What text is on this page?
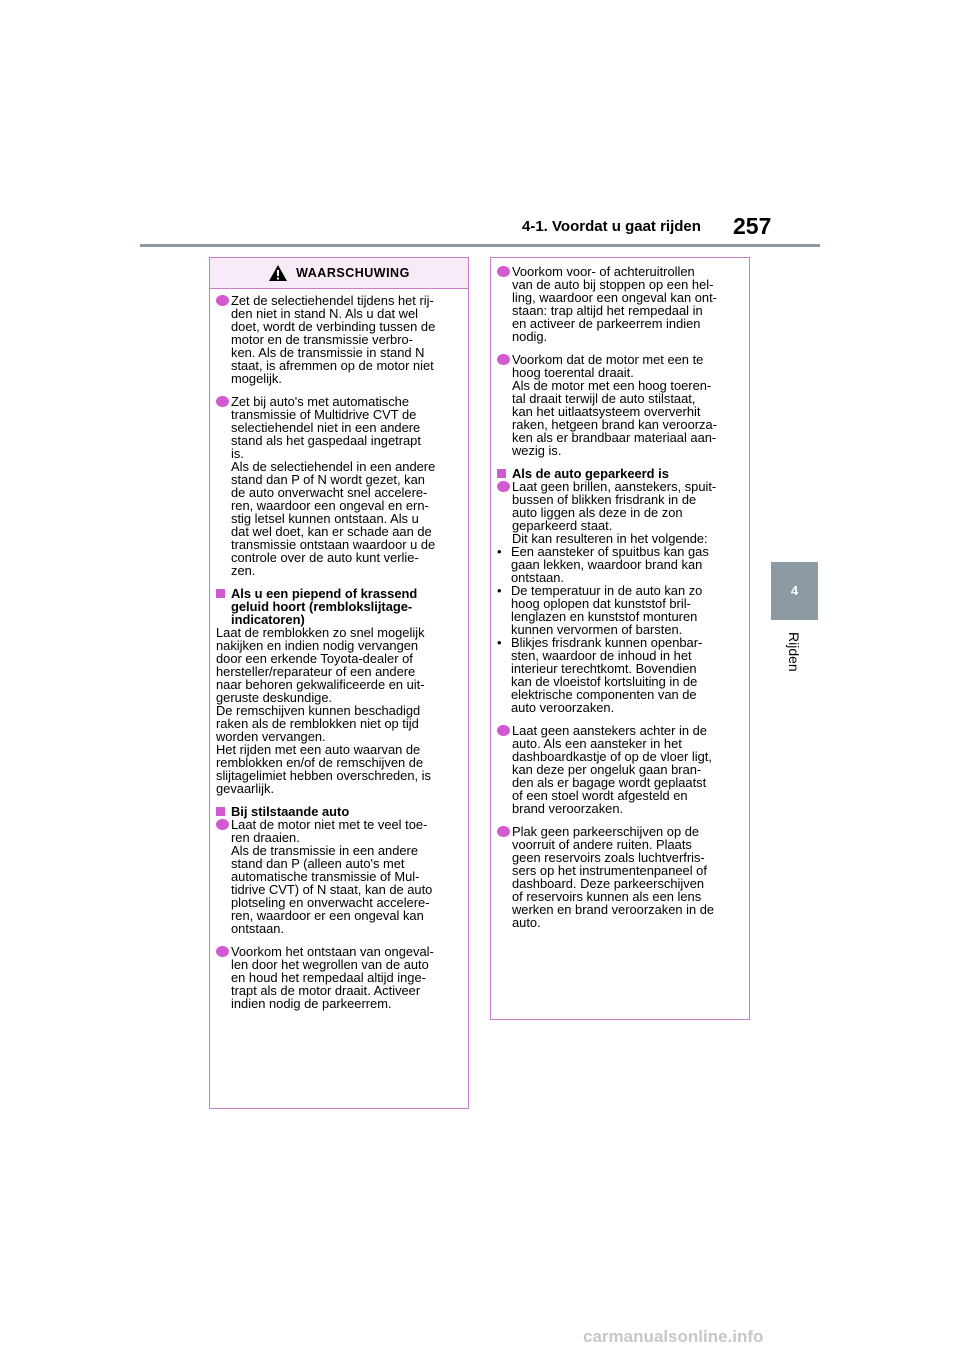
4-1. Voordat u gaat rijden 257
4
Rijden
WAARSCHUWING
Zet de selectiehendel tijdens het rij-
den niet in stand N. Als u dat wel
doet, wordt de verbinding tussen de
motor en de transmissie verbro-
ken. Als de transmissie in stand N
staat, is afremmen op de motor niet
mogelijk.
Zet bij auto's met automatische
transmissie of Multidrive CVT de
selectiehendel niet in een andere
stand als het gaspedaal ingetrapt
is.
Als de selectiehendel in een andere
stand dan P of N wordt gezet, kan
de auto onverwacht snel accelere-
ren, waardoor een ongeval en ern-
stig letsel kunnen ontstaan. Als u
dat wel doet, kan er schade aan de
transmissie ontstaan waardoor u de
controle over de auto kunt verlie-
zen.
Als u een piepend of krassend
geluid hoort (remblokslijtage-
indicatoren)
Laat de remblokken zo snel mogelijk
nakijken en indien nodig vervangen
door een erkende Toyota-dealer of
hersteller/reparateur of een andere
naar behoren gekwalificeerde en uit-
geruste deskundige.
De remschijven kunnen beschadigd
raken als de remblokken niet op tijd
worden vervangen.
Het rijden met een auto waarvan de
remblokken en/of de remschijven de
slijtagelimiet hebben overschreden, is
gevaarlijk.
Bij stilstaande auto
Laat de motor niet met te veel toe-
ren draaien.
Als de transmissie in een andere
stand dan P (alleen auto's met
automatische transmissie of Mul-
tidrive CVT) of N staat, kan de auto
plotseling en onverwacht accelere-
ren, waardoor er een ongeval kan
ontstaan.
Voorkom het ontstaan van ongeval-
len door het wegrollen van de auto
en houd het rempedaal altijd inge-
trapt als de motor draait. Activeer
indien nodig de parkeerrem.
Voorkom voor- of achteruitrollen
van de auto bij stoppen op een hel-
ling, waardoor een ongeval kan ont-
staan: trap altijd het rempedaal in
en activeer de parkeerrem indien
nodig.
Voorkom dat de motor met een te
hoog toerental draait.
Als de motor met een hoog toeren-
tal draait terwijl de auto stilstaat,
kan het uitlaatsysteem oververhit
raken, hetgeen brand kan veroorza-
ken als er brandbaar materiaal aan-
wezig is.
Als de auto geparkeerd is
Laat geen brillen, aanstekers, spuit-
bussen of blikken frisdrank in de
auto liggen als deze in de zon
geparkeerd staat.
Dit kan resulteren in het volgende:
• Een aansteker of spuitbus kan gas
gaan lekken, waardoor brand kan
ontstaan.
• De temperatuur in de auto kan zo
hoog oplopen dat kunststof bril-
lenglazen en kunststof monturen
kunnen vervormen of barsten.
• Blikjes frisdrank kunnen openbar-
sten, waardoor de inhoud in het
interieur terechtkomt. Bovendien
kan de vloeistof kortsluiting in de
elektrische componenten van de
auto veroorzaken.
Laat geen aanstekers achter in de
auto. Als een aansteker in het
dashboardkastje of op de vloer ligt,
kan deze per ongeluk gaan bran-
den als er bagage wordt geplaatst
of een stoel wordt afgesteld en
brand veroorzaken.
Plak geen parkeerschijven op de
voorruit of andere ruiten. Plaats
geen reservoirs zoals luchtverfris-
sers op het instrumentenpaneel of
dashboard. Deze parkeerschijven
of reservoirs kunnen als een lens
werken en brand veroorzaken in de
auto.
carmanualsonline.info
